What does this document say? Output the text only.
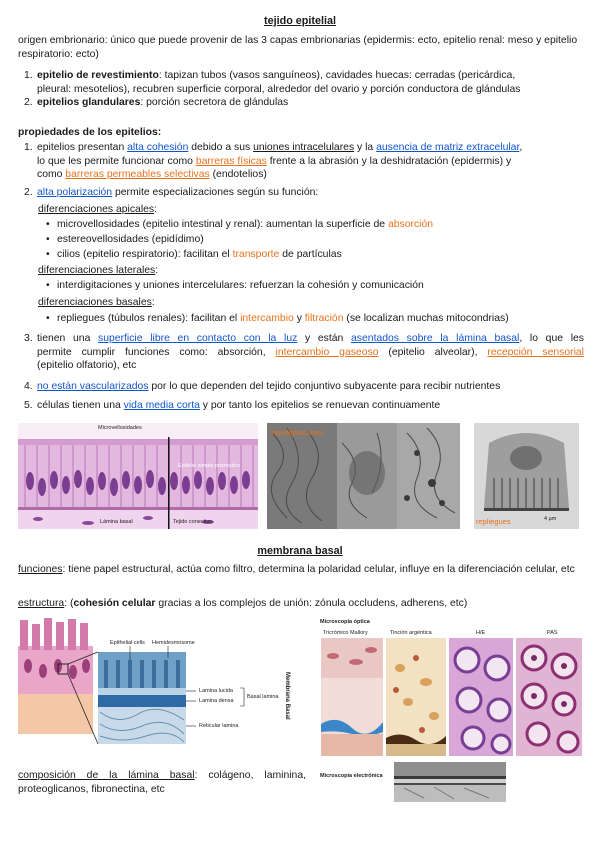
tejido epitelial
origen embrionario: único que puede provenir de las 3 capas embrionarias (epidermis: ecto, epitelio renal: meso y epitelio respiratorio: ecto)
1. epitelio de revestimiento: tapizan tubos (vasos sanguíneos), cavidades huecas: cerradas (pericárdica,
pleural: mesotelios), recubren superficie corporal, alrededor del ovario y porción conductora de glándulas
2. epitelios glandulares: porción secretora de glándulas
propiedades de los epitelios:
1. epitelios presentan alta cohesión debido a sus uniones intracelulares y la ausencia de matriz extracelular,
lo que les permite funcionar como barreras físicas frente a la abrasión y la deshidratación (epidermis) y
como barreras permeables selectivas (endotelios)
2. alta polarización permite especializaciones según su función:
diferenciaciones apicales:
• microvellosidades (epitelio intestinal y renal): aumentan la superficie de absorción
• estereovellosidades (epidídimo)
• cilios (epitelio respiratorio): facilitan el transporte de partículas
diferenciaciones laterales:
• interdigitaciones y uniones intercelulares: refuerzan la cohesión y comunicación
diferenciaciones basales:
• repliegues (túbulos renales): facilitan el intercambio y filtración (se localizan muchas mitocondrias)
3. tienen una superficie libre en contacto con la luz y están asentados sobre la lámina basal, lo que les
permite cumplir funciones como: absorción, intercambio gaseoso (epitelio alveolar), recepción sensorial
(epitelio olfatorio), etc
4. no están vascularizados por lo que dependen del tejido conjuntivo subyacente para recibir nutrientes
5. células tienen una vida media corta y por tanto los epitelios se renuevan continuamente
Microvellosidades
Epitelio simple prismático
Lámina basal	Tejido conectivo
interdigitaciones
repliegues	4 µm
membrana basal
funciones: tiene papel estructural, actúa como filtro, determina la polaridad celular, influye en la diferenciación celular, etc
estructura: (cohesión celular gracias a los complejos de unión: zónula occludens, adherens, etc)
Epithelial cells Hemidesmosome
Lamina lucida
Lamina densa
Reticular lamina
Basal lamina Membrana Basal
Microscopía óptica
Tricrómico Mallory	Tinción argéntica	H/E	PAS
Microscopía electrónica
composición de la lámina basal: colágeno, laminina, proteoglicanos, fibronectina, etc
